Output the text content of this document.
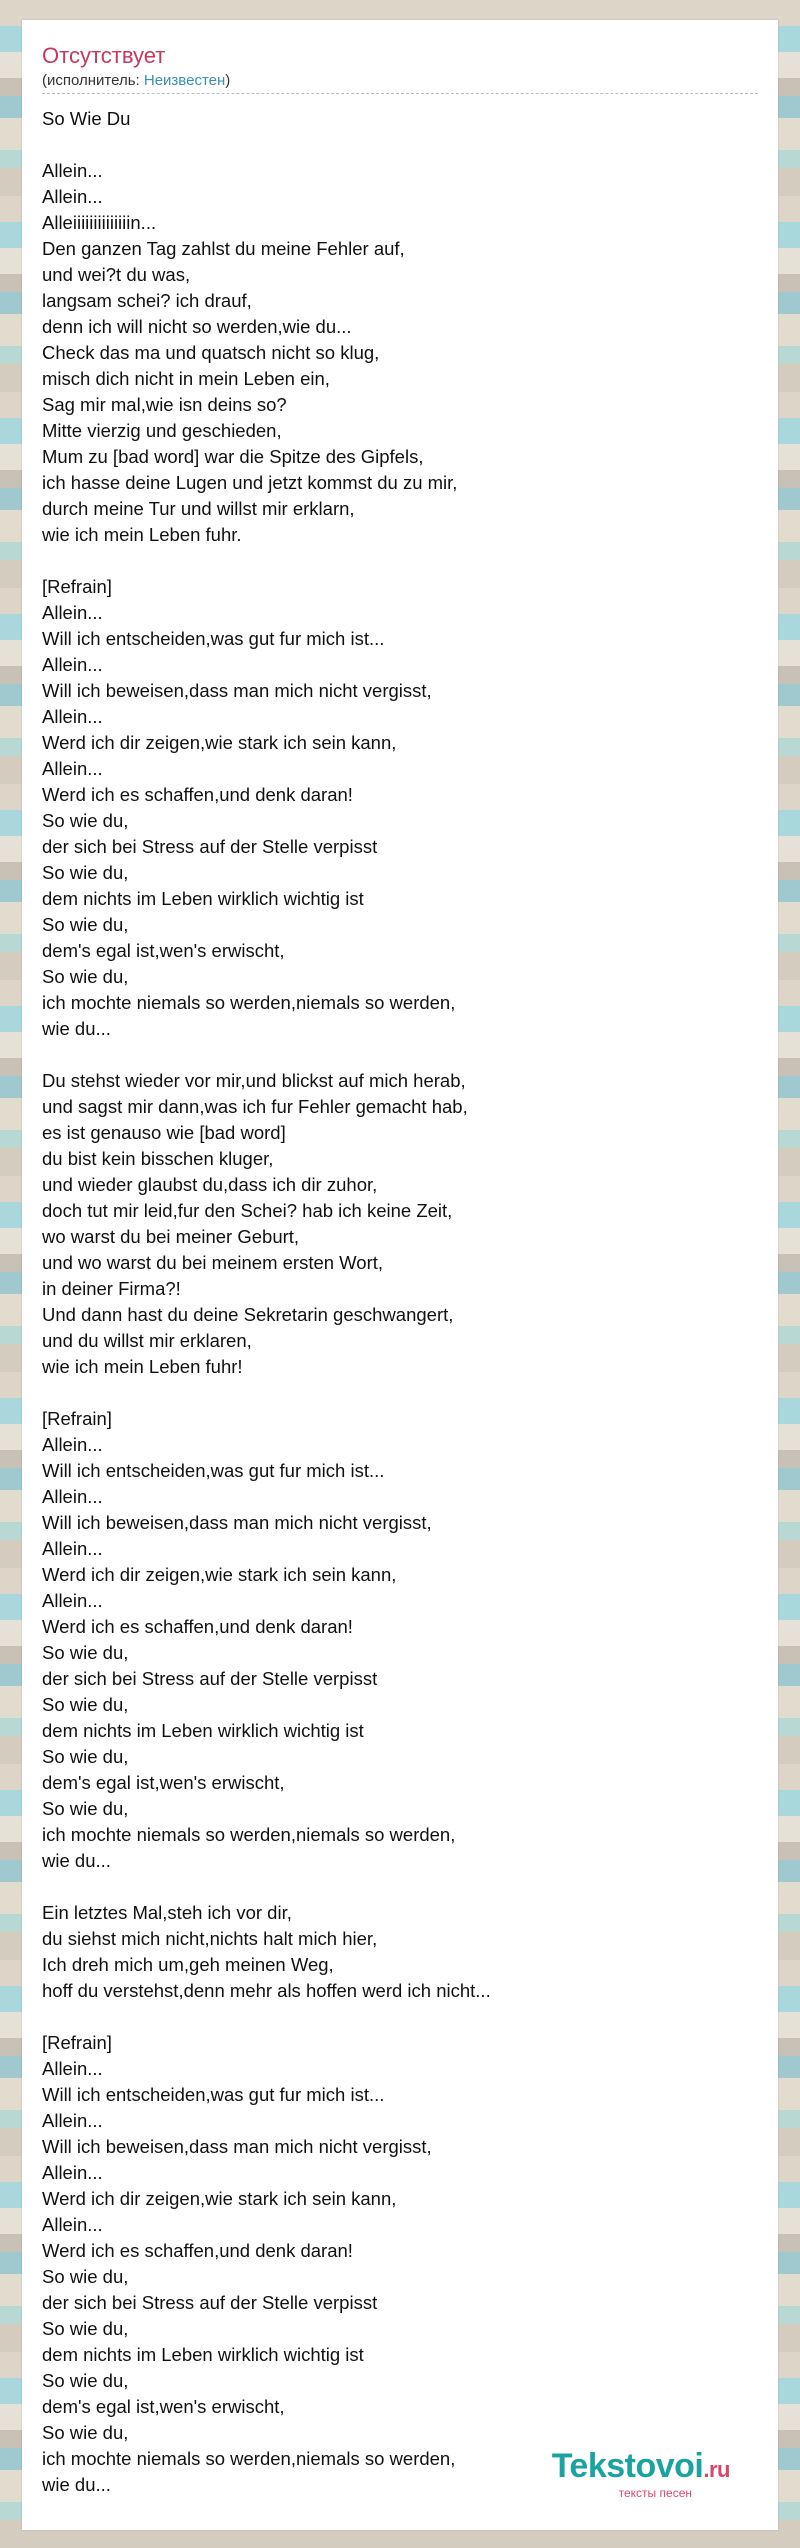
Отсутствует
(исполнитель: Неизвестен)
So Wie Du
Allein...
Allein...
Alleiiiiiiiiiiiiiin...
Den ganzen Tag zahlst du meine Fehler auf,
und wei?t du was,
langsam schei? ich drauf,
denn ich will nicht so werden,wie du...
Check das ma und quatsch nicht so klug,
misch dich nicht in mein Leben ein,
Sag mir mal,wie isn deins so?
Mitte vierzig und geschieden,
Mum zu [bad word] war die Spitze des Gipfels,
ich hasse deine Lugen und jetzt kommst du zu mir,
durch meine Tur und willst mir erklarn,
wie ich mein Leben fuhr.
[Refrain]
Allein...
Will ich entscheiden,was gut fur mich ist...
Allein...
Will ich beweisen,dass man mich nicht vergisst,
Allein...
Werd ich dir zeigen,wie stark ich sein kann,
Allein...
Werd ich es schaffen,und denk daran!
So wie du,
der sich bei Stress auf der Stelle verpisst
So wie du,
dem nichts im Leben wirklich wichtig ist
So wie du,
dem's egal ist,wen's erwischt,
So wie du,
ich mochte niemals so werden,niemals so werden,
wie du...
Du stehst wieder vor mir,und blickst auf mich herab,
und sagst mir dann,was ich fur Fehler gemacht hab,
es ist genauso wie [bad word]
du bist kein bisschen kluger,
und wieder glaubst du,dass ich dir zuhor,
doch tut mir leid,fur den Schei? hab ich keine Zeit,
wo warst du bei meiner Geburt,
und wo warst du bei meinem ersten Wort,
in deiner Firma?!
Und dann hast du deine Sekretarin geschwangert,
und du willst mir erklaren,
wie ich mein Leben fuhr!
[Refrain]
Allein...
Will ich entscheiden,was gut fur mich ist...
Allein...
Will ich beweisen,dass man mich nicht vergisst,
Allein...
Werd ich dir zeigen,wie stark ich sein kann,
Allein...
Werd ich es schaffen,und denk daran!
So wie du,
der sich bei Stress auf der Stelle verpisst
So wie du,
dem nichts im Leben wirklich wichtig ist
So wie du,
dem's egal ist,wen's erwischt,
So wie du,
ich mochte niemals so werden,niemals so werden,
wie du...
Ein letztes Mal,steh ich vor dir,
du siehst mich nicht,nichts halt mich hier,
Ich dreh mich um,geh meinen Weg,
hoff du verstehst,denn mehr als hoffen werd ich nicht...
[Refrain]
Allein...
Will ich entscheiden,was gut fur mich ist...
Allein...
Will ich beweisen,dass man mich nicht vergisst,
Allein...
Werd ich dir zeigen,wie stark ich sein kann,
Allein...
Werd ich es schaffen,und denk daran!
So wie du,
der sich bei Stress auf der Stelle verpisst
So wie du,
dem nichts im Leben wirklich wichtig ist
So wie du,
dem's egal ist,wen's erwischt,
So wie du,
ich mochte niemals so werden,niemals so werden,
wie du...	Tekstovoi.ru
тексты песен
